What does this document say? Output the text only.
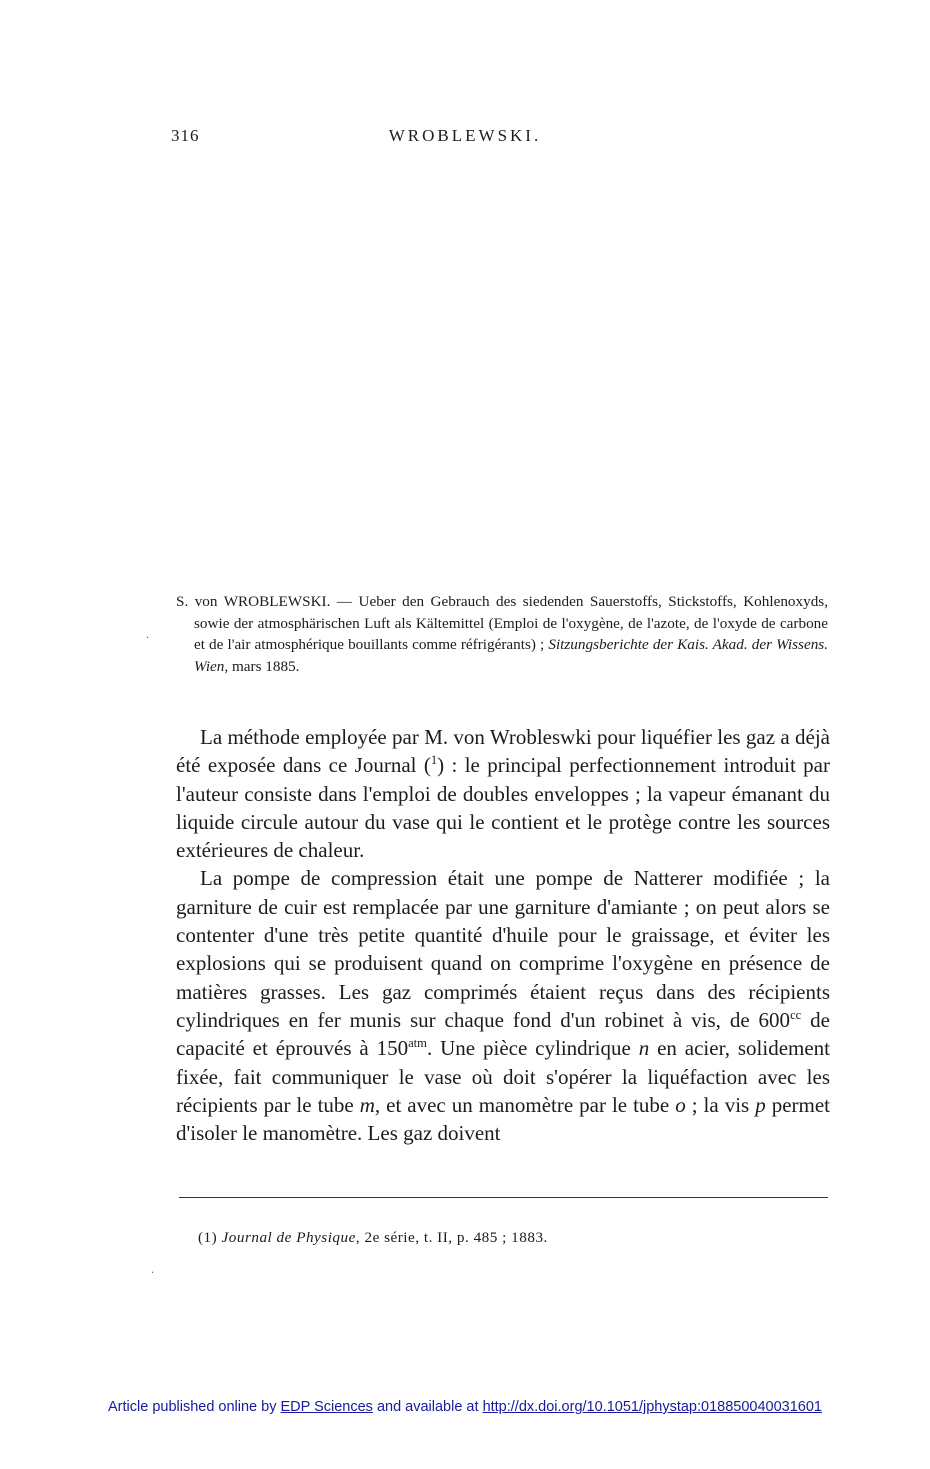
316	WROBLEWSKI.
.

S. von WROBLEWSKI. — Ueber den Gebrauch des siedenden Sauerstoffs, Stickstoffs, Kohlenoxyds, sowie der atmosphärischen Luft als Kältemittel (Emploi de l'oxygène, de l'azote, de l'oxyde de carbone et de l'air atmosphérique bouillants comme réfrigérants) ; Sitzungsberichte der Kais. Akad. der Wissens. Wien, mars 1885.

La méthode employée par M. von Wrobleswki pour liquéfier les gaz a déjà été exposée dans ce Journal ($^1$) : le principal perfectionnement introduit par l'auteur consiste dans l'emploi de doubles enveloppes ; la vapeur émanant du liquide circule autour du vase qui le contient et le protège contre les sources extérieures de chaleur.

La pompe de compression était une pompe de Natterer modifiée ; la garniture de cuir est remplacée par une garniture d'amiante ; on peut alors se contenter d'une très petite quantité d'huile pour le graissage, et éviter les explosions qui se produisent quand on comprime l'oxygène en présence de matières grasses. Les gaz comprimés étaient reçus dans des récipients cylindriques en fer munis sur chaque fond d'un robinet à vis, de $600^{cc}$ de capacité et éprouvés à $150^{atm}$. Une pièce cylindrique n en acier, solidement fixée, fait communiquer le vase où doit s'opérer la liquéfaction avec les récipients par le tube m, et avec un manomètre par le tube o ; la vis p permet d'isoler le manomètre. Les gaz doivent

(1) Journal de Physique, 2e série, t. II, p. 485 ; 1883.
.
Article published online by EDP Sciences and available at http://dx.doi.org/10.1051/jphystap:018850040031601
